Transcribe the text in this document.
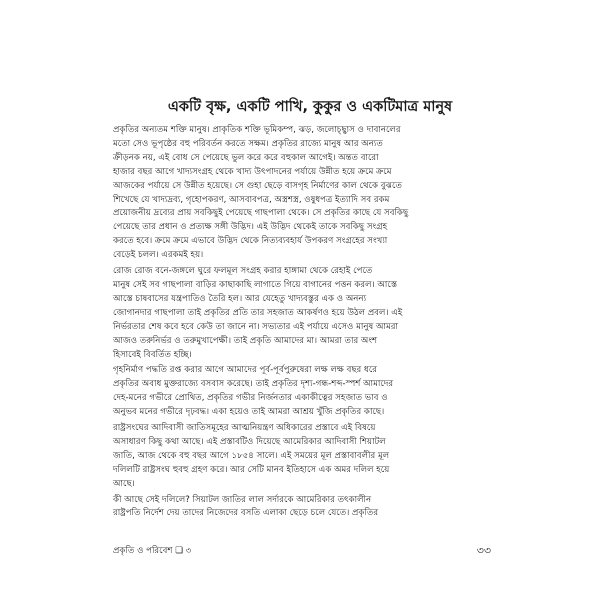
একটি বৃক্ষ, একটি পাখি, কুকুর ও একটিমাত্র মানুষ

প্রকৃতির অন্যতম শক্তি মানুষ। প্রাকৃতিক শক্তি ভূমিকম্প, ঝড়, জলোচ্ছ্বাস ও দাবানলের

মতো সেও ভূপৃষ্ঠের বহু পরিবর্তন করতে সক্ষম। প্রকৃতির রাজ্যে মানুষ আর অন্যত

ক্রীড়নক নয়, এই বোধ সে পেয়েছে ভুল করে করে বহুকাল আগেই। অন্তত বারো

হাজার বছর আগে খাদ্যসংগ্রহ থেকে খাদ্য উৎপাদনের পর্যায়ে উন্নীত হয়ে ক্রমে ক্রমে

আজকের পর্যায়ে সে উন্নীত হয়েছে। সে গুহা ছেড়ে বাসগৃহ নির্মাণের কাল থেকে বুঝতে

শিখেছে যে খাদ্যদ্রব্য, গৃহোপকরণ, আসবাবপত্র, অস্ত্রশস্ত্র, ওষুধপত্র ইত্যাদি সব রকম

প্রয়োজনীয় দ্রব্যের প্রায় সবকিছুই পেয়েছে গাছপালা থেকে। সে প্রকৃতির কাছে যে সবকিছু

পেয়েছে তার প্রধান ও প্রত্যক্ষ সঙ্গী উদ্ভিদ। এই উদ্ভিদ থেকেই তাকে সবকিছু সংগ্রহ

করতে হবে। ক্রমে ক্রমে এভাবে উদ্ভিদ থেকে নিত্যব্যবহার্য উপকরণ সংগ্রহের সংখ্যা

বেড়েই চলল। এরকমই হয়।

রোজ রোজ বনে-জঙ্গলে ঘুরে ফলমূল সংগ্রহ করার হাঙ্গামা থেকে রেহাই পেতে

মানুষ সেই সব গাছপালা বাড়ির কাছাকাছি লাগাতে গিয়ে বাগানের পত্তন করল। আস্তে

আস্তে চাষবাসের যন্ত্রপাতিও তৈরি হল। আর যেহেতু খাদ্যবস্তুর এক ও অনন্য

জোগানদার গাছপালা তাই প্রকৃতির প্রতি তার সহজাত আকর্ষণও হয়ে উঠল প্রবল। এই

নির্ভরতার শেষ কবে হবে কেউ তা জানে না। সভ্যতার এই পর্যায়ে এসেও মানুষ আমরা

আজও তরুনির্ভর ও তরুমুখাপেক্ষী। তাই প্রকৃতি আমাদের মা। আমরা তার অংশ

হিসাবেই বিবর্তিত হচ্ছি।

গৃহনির্মাণ পদ্ধতি রপ্ত করার আগে আমাদের পূর্ব-পূর্বপুরুষেরা লক্ষ লক্ষ বছর ধরে

প্রকৃতির অবাধ মুক্তরাজ্যে বসবাস করেছে। তাই প্রকৃতির দৃশ্য-গন্ধ-শব্দ-স্পর্শ আমাদের

দেহ-মনের গভীরে প্রোথিত, প্রকৃতির গভীর নির্জনতার একাকীত্বের সহজাত ভাব ও

অনুভব মনের গভীরে দৃঢ়বদ্ধ। একা হয়েও তাই আমরা আশ্রয় খুঁজি প্রকৃতির কাছে।

রাষ্ট্রসংঘের আদিবাসী জাতিসমূহের আত্মনিয়ন্ত্রণ অধিকারের প্রস্তাবে এই বিষয়ে

অসাধারণ কিছু কথা আছে। এই প্রস্তাবটিও দিয়েছে আমেরিকার আদিবাসী শিয়াটল

জাতি, আজ থেকে বহু বছর আগে ১৮৫৪ সালে। এই সময়ের মূল প্রস্তাবাবলীর মূল

দলিলটি রাষ্ট্রসংঘ হুবহু গ্রহণ করে। আর সেটি মানব ইতিহাসে এক অমর দলিল হয়ে

আছে।

কী আছে সেই দলিলে? সিয়াটল জাতির লাল সর্দারকে আমেরিকার তৎকালীন

রাষ্ট্রপতি নির্দেশ দেয় তাদের নিজেদের বসতি এলাকা ছেড়ে চলে যেতে। প্রকৃতির

প্রকৃতি ও পরিবেশ ❏ ৩	৩৩
